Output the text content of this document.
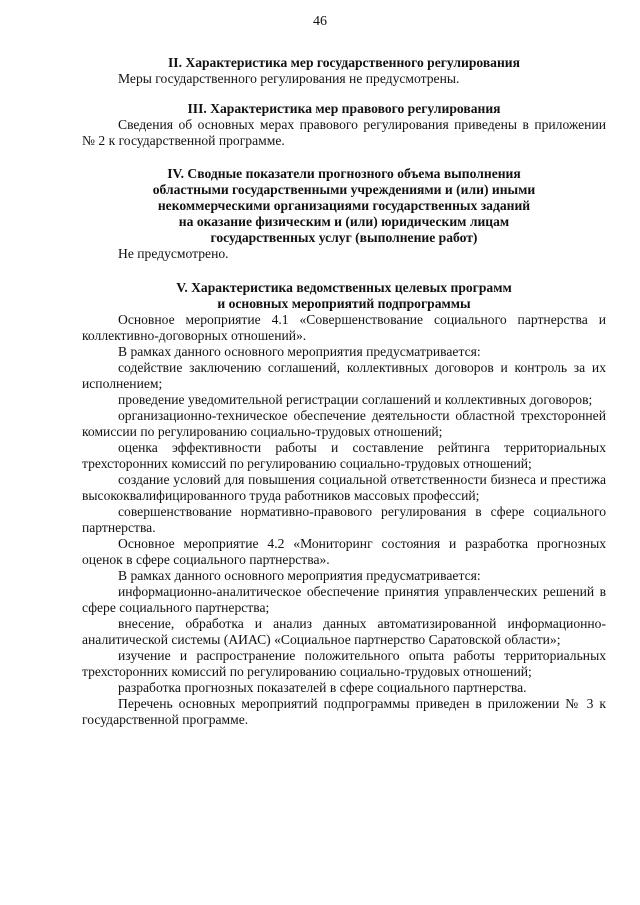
46
II. Характеристика мер государственного регулирования
Меры государственного регулирования не предусмотрены.
III. Характеристика мер правового регулирования
Сведения об основных мерах правового регулирования приведены в приложении № 2 к государственной программе.
IV. Сводные показатели прогнозного объема выполнения
областными государственными учреждениями и (или) иными
некоммерческими организациями государственных заданий
на оказание физическим и (или) юридическим лицам
государственных услуг (выполнение работ)
Не предусмотрено.
V. Характеристика ведомственных целевых программ
и основных мероприятий подпрограммы
Основное мероприятие 4.1 «Совершенствование социального партнерства и коллективно-договорных отношений».
В рамках данного основного мероприятия предусматривается:
содействие заключению соглашений, коллективных договоров и контроль за их исполнением;
проведение уведомительной регистрации соглашений и коллективных договоров;
организационно-техническое обеспечение деятельности областной трехсторонней комиссии по регулированию социально-трудовых отношений;
оценка эффективности работы и составление рейтинга территориальных трехсторонних комиссий по регулированию социально-трудовых отношений;
создание условий для повышения социальной ответственности бизнеса и престижа высококвалифицированного труда работников массовых профессий;
совершенствование нормативно-правового регулирования в сфере социального партнерства.
Основное мероприятие 4.2 «Мониторинг состояния и разработка прогнозных оценок в сфере социального партнерства».
В рамках данного основного мероприятия предусматривается:
информационно-аналитическое обеспечение принятия управленческих решений в сфере социального партнерства;
внесение, обработка и анализ данных автоматизированной информационно-аналитической системы (АИАС) «Социальное партнерство Саратовской области»;
изучение и распространение положительного опыта работы территориальных трехсторонних комиссий по регулированию социально-трудовых отношений;
разработка прогнозных показателей в сфере социального партнерства.
Перечень основных мероприятий подпрограммы приведен в приложении № 3 к государственной программе.
